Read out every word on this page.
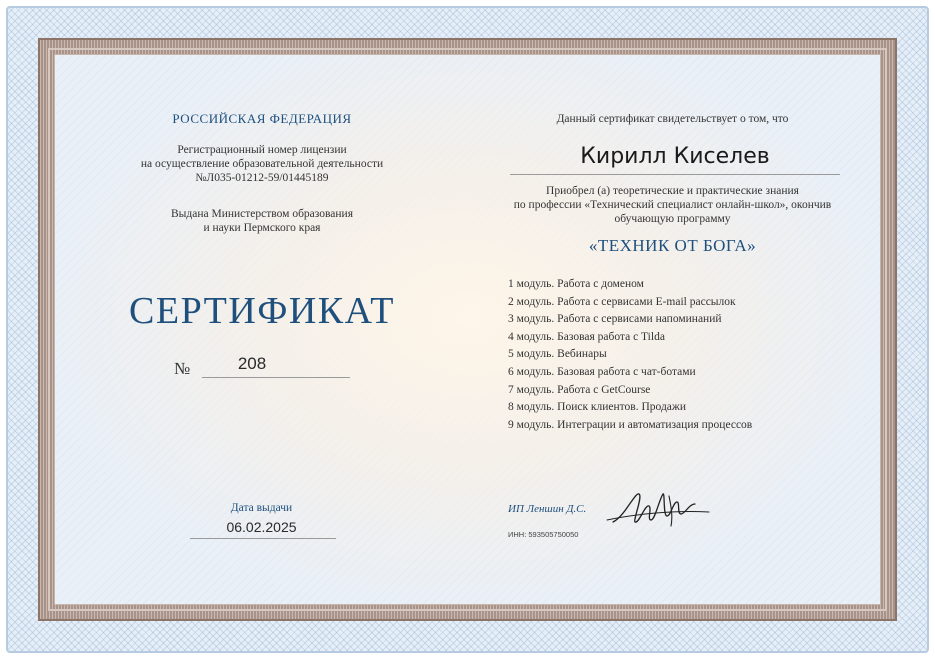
РОССИЙСКАЯ ФЕДЕРАЦИЯ
Регистрационный номер лицензии
на осуществление образовательной деятельности
№Л035-01212-59/01445189
Выдана Министерством образования
и науки Пермского края
СЕРТИФИКАТ
№	208
Дата выдачи
06.02.2025
Данный сертификат свидетельствует о том, что
Кирилл Киселев
Приобрел (а) теоретические и практические знания
по профессии «Технический специалист онлайн-школ», окончив
обучающую программу
«ТЕХНИК ОТ БОГА»
1 модуль. Работа с доменом
2 модуль. Работа с сервисами E-mail рассылок
3 модуль. Работа с сервисами напоминаний
4 модуль. Базовая работа с Tilda
5 модуль. Вебинары
6 модуль. Базовая работа с чат-ботами
7 модуль. Работа с GetCourse
8 модуль. Поиск клиентов. Продажи
9 модуль. Интеграции и автоматизация процессов
ИП Леншин Д.С.
ИНН: 593505750050
